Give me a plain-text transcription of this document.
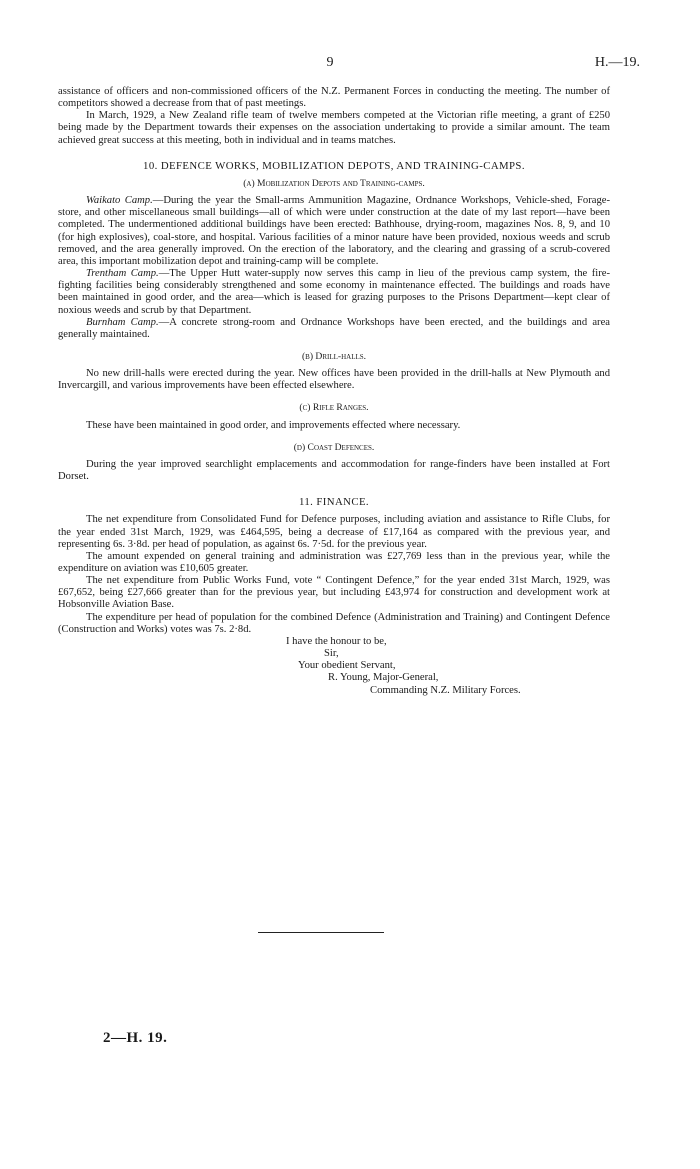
9	H.—19.

assistance of officers and non-commissioned officers of the N.Z. Permanent Forces in conducting the meeting. The number of competitors showed a decrease from that of past meetings.

In March, 1929, a New Zealand rifle team of twelve members competed at the Victorian rifle meeting, a grant of £250 being made by the Department towards their expenses on the association undertaking to provide a similar amount. The team achieved great success at this meeting, both in individual and in teams matches.

10. DEFENCE WORKS, MOBILIZATION DEPOTS, AND TRAINING-CAMPS.
(a) Mobilization Depots and Training-camps.

Waikato Camp.—During the year the Small-arms Ammunition Magazine, Ordnance Workshops, Vehicle-shed, Forage-store, and other miscellaneous small buildings—all of which were under construction at the date of my last report—have been completed. The undermentioned additional buildings have been erected: Bathhouse, drying-room, magazines Nos. 8, 9, and 10 (for high explosives), coal-store, and hospital. Various facilities of a minor nature have been provided, noxious weeds and scrub removed, and the area generally improved. On the erection of the laboratory, and the clearing and grassing of a scrub-covered area, this important mobilization depot and training-camp will be complete.

Trentham Camp.—The Upper Hutt water-supply now serves this camp in lieu of the previous camp system, the fire-fighting facilities being considerably strengthened and some economy in maintenance effected. The buildings and roads have been maintained in good order, and the area—which is leased for grazing purposes to the Prisons Department—kept clear of noxious weeds and scrub by that Department.

Burnham Camp.—A concrete strong-room and Ordnance Workshops have been erected, and the buildings and area generally maintained.

(b) Drill-halls.

No new drill-halls were erected during the year. New offices have been provided in the drill-halls at New Plymouth and Invercargill, and various improvements have been effected elsewhere.

(c) Rifle Ranges.

These have been maintained in good order, and improvements effected where necessary.

(d) Coast Defences.

During the year improved searchlight emplacements and accommodation for range-finders have been installed at Fort Dorset.

11. FINANCE.

The net expenditure from Consolidated Fund for Defence purposes, including aviation and assistance to Rifle Clubs, for the year ended 31st March, 1929, was £464,595, being a decrease of £17,164 as compared with the previous year, and representing 6s. 3·8d. per head of population, as against 6s. 7·5d. for the previous year.

The amount expended on general training and administration was £27,769 less than in the previous year, while the expenditure on aviation was £10,605 greater.

The net expenditure from Public Works Fund, vote “ Contingent Defence,” for the year ended 31st March, 1929, was £67,652, being £27,666 greater than for the previous year, but including £43,974 for construction and development work at Hobsonville Aviation Base.

The expenditure per head of population for the combined Defence (Administration and Training) and Contingent Defence (Construction and Works) votes was 7s. 2·8d.

I have the honour to be,
Sir,
Your obedient Servant,
R. Young, Major-General,
Commanding N.Z. Military Forces.
2—H. 19.
